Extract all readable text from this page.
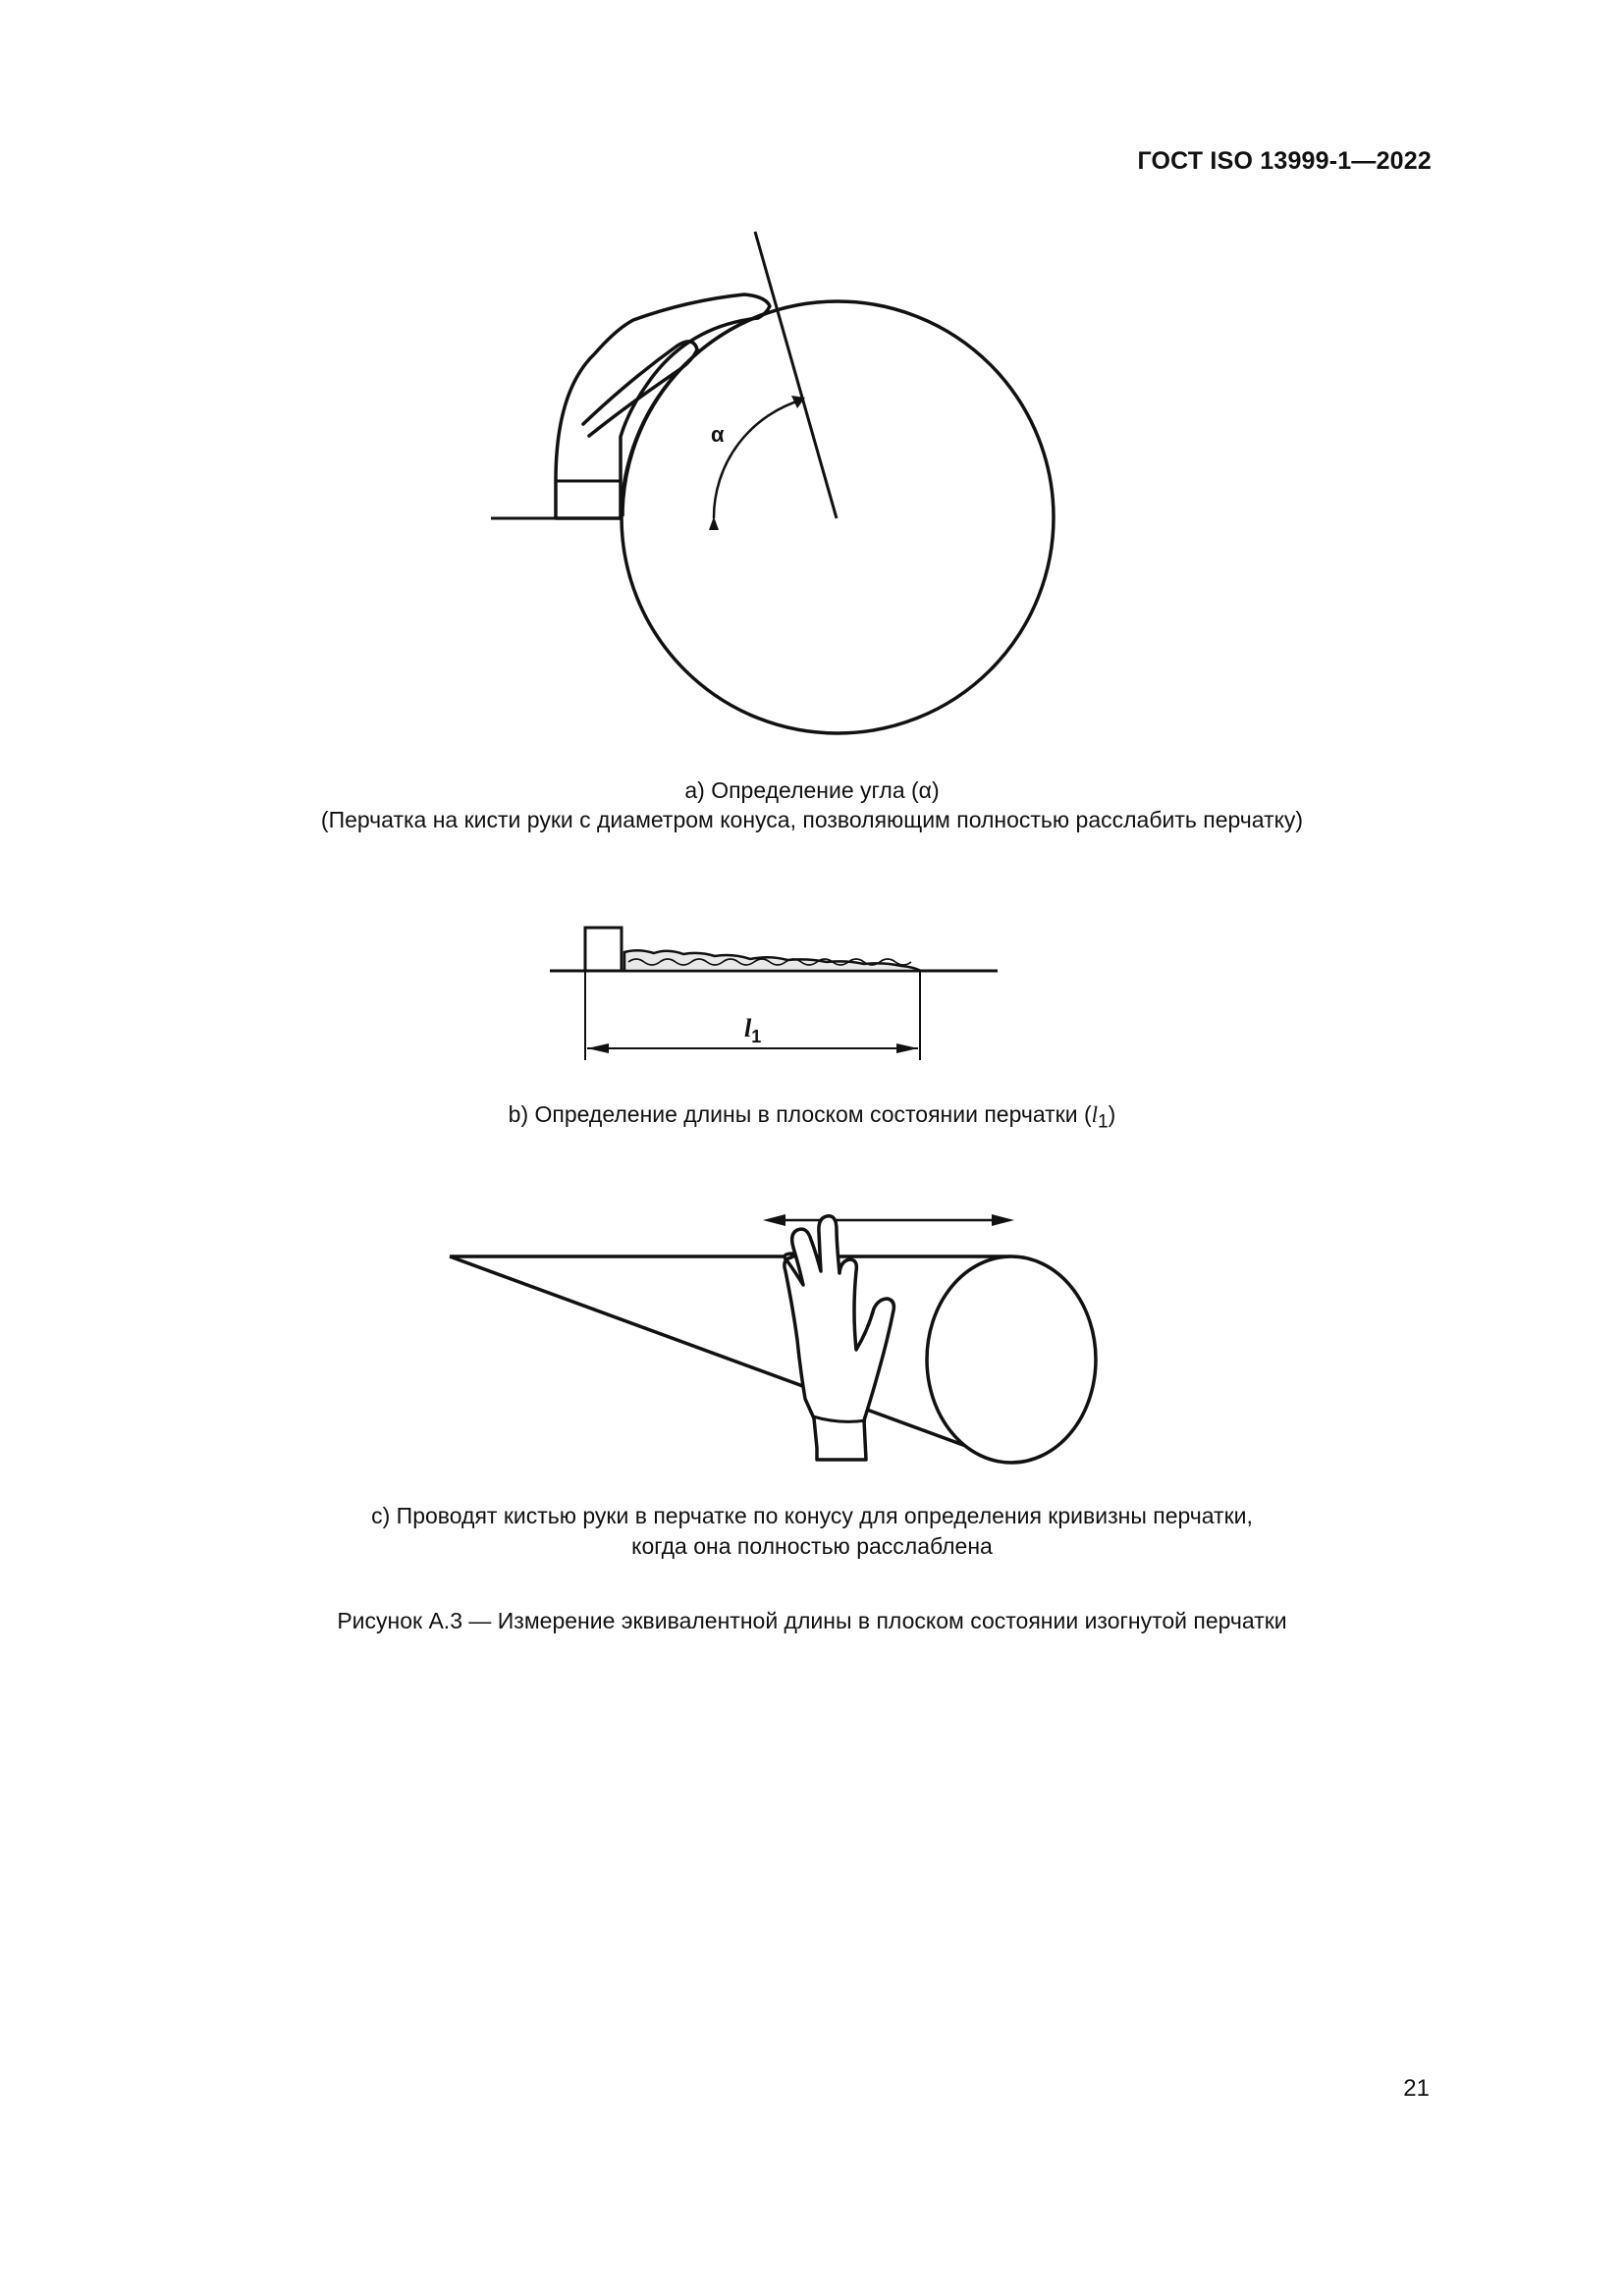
ГОСТ ISO 13999-1—2022
α
a) Определение угла (α)
(Перчатка на кисти руки с диаметром конуса, позволяющим полностью расслабить перчатку)
l1
b) Определение длины в плоском состоянии перчатки $(l_1)$
c) Проводят кистью руки в перчатке по конусу для определения кривизны перчатки,
когда она полностью расслаблена
Рисунок А.3 — Измерение эквивалентной длины в плоском состоянии изогнутой перчатки
21
